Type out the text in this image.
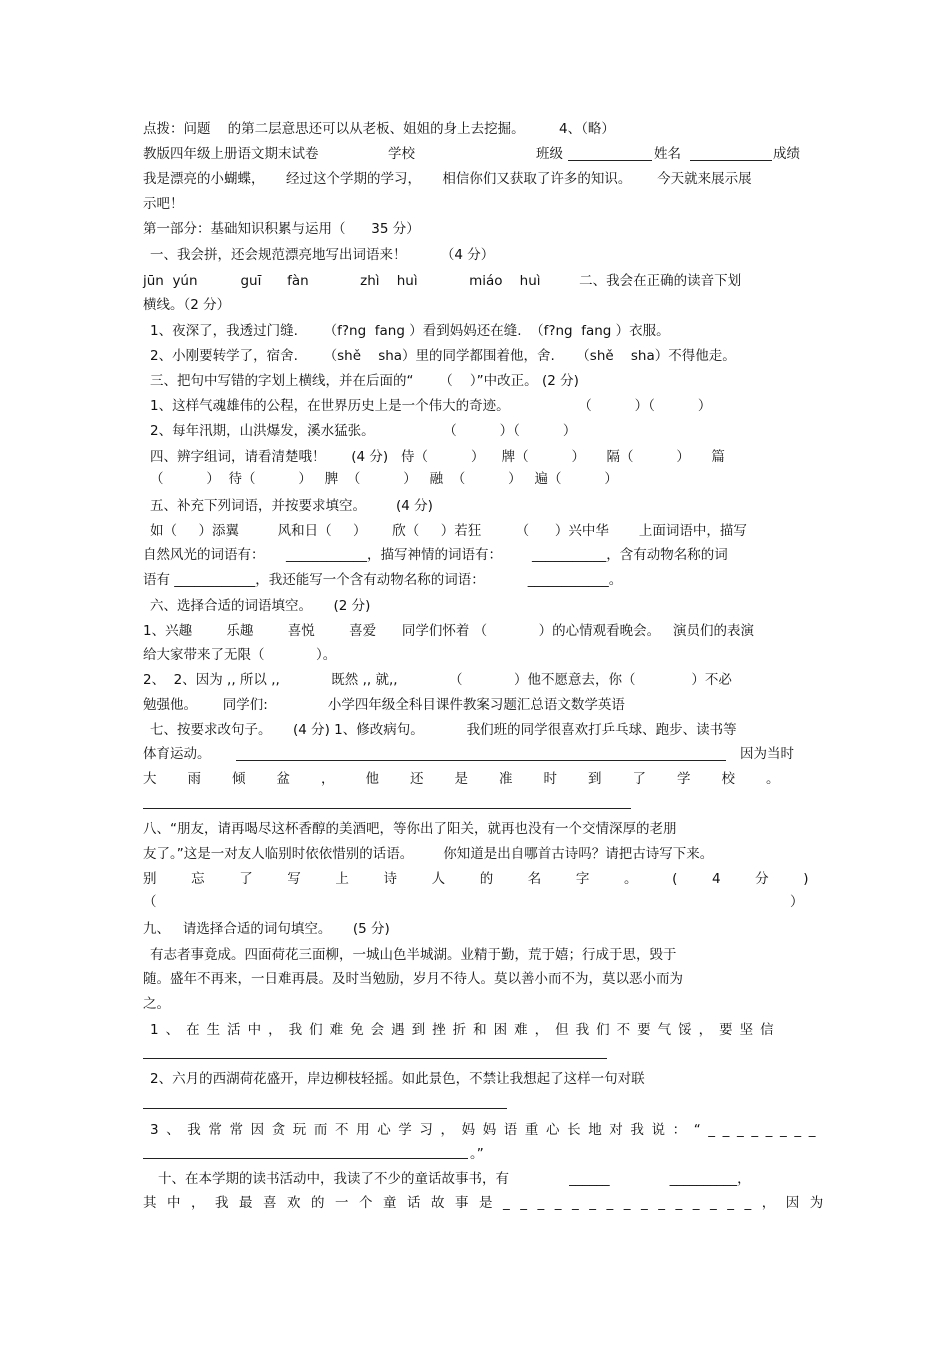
点拨：问题    的第二层意思还可以从老板、姐姐的身上去挖掘。        4、（略）
教版四年级上册语文期末试卷	学校	班级	姓名	成绩
我是漂亮的小蝴蝶，     经过这个学期的学习，     相信你们又获取了许多的知识。      今天就来展示展
示吧！
第一部分：基础知识积累与运用（      35 分）
一、我会拼，还会规范漂亮地写出词语来！        （4 分）
jūn  yún          guī      fàn            zhì    huì            miáo    huì         二、我会在正确的读音下划
横线。（2 分）
1、夜深了，我透过门缝.      （f?ng  fang ）看到妈妈还在缝.  （f?ng  fang ）衣服。
2、小刚要转学了，宿舍.      （shě    sha）里的同学都围着他，舍.     （shě    sha）不得他走。
三、把句中写错的字划上横线，并在后面的“      （    ）”中改正。 (2 分)
1、这样气魂雄伟的公程，在世界历史上是一个伟大的奇迹。                （          ）（          ）
2、每年汛期，山洪爆发，溪水猛张。                （          ）（          ）
四、辨字组词，请看清楚哦！      (4 分)   侍（          ）    牌（          ）     隔（          ）     篇
（          ）  待（          ）   脾  （          ）   融  （          ）   遍（          ）
五、补充下列词语，并按要求填空。       (4 分)
如（     ）添翼         风和日（     ）      欣（     ）若狂        （      ）兴中华       上面词语中，描写
自然风光的词语有：     ____________，描写神情的词语有：       ___________，含有动物名称的词
语有 ____________，我还能写一个含有动物名称的词语：          ____________。
六、选择合适的词语填空。     (2 分)
1、兴趣        乐趣        喜悦        喜爱      同学们怀着 （            ）的心情观看晚会。   演员们的表演
给大家带来了无限（            ）。
2、  2、因为 ,, 所以 ,,            既然 ,, 就,,            （            ）他不愿意去，你（             ）不必
勉强他。      同学们:              小学四年级全科目课件教案习题汇总语文数学英语
七、按要求改句子。     (4 分) 1、修改病句。          我们班的同学很喜欢打乒乓球、跑步、读书等
体育运动。	因为当时
大雨倾盆，他还是准时到了学校。
八、“朋友，请再喝尽这杯香醇的美酒吧，等你出了阳关，就再也没有一个交情深厚的老朋
友了。”这是一对友人临别时依依惜别的话语。       你知道是出自哪首古诗吗？请把古诗写下来。
别忘了写上诗人的名字。(4分)
（	）
九、   请选择合适的词句填空。     (5 分)
有志者事竟成。四面荷花三面柳，一城山色半城湖。业精于勤，荒于嬉；行成于思，毁于
随。盛年不再来，一日难再晨。及时当勉励，岁月不待人。莫以善小而不为，莫以恶小而为
之。
1、在生活中，我们难免会遇到挫折和困难，但我们不要气馁，要坚信
2、六月的西湖荷花盛开，岸边柳枝轻摇。如此景色，不禁让我想起了这样一句对联
3、我常常因贪玩而不用心学习，妈妈语重心长地对我说：“________
。”
十、在本学期的读书活动中，我读了不少的童话故事书，有              ______              __________，
其中，我最喜欢的一个童话故事是_______________，因为
